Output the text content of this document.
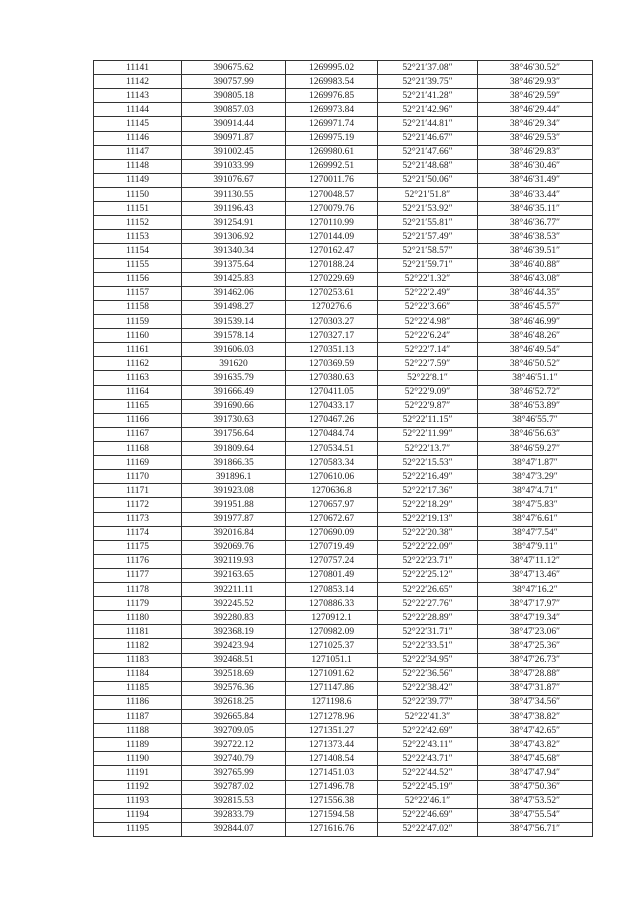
11141	390675.62	1269995.02	52°21′37.08″	38°46′30.52″
11142	390757.99	1269983.54	52°21′39.75″	38°46′29.93″
11143	390805.18	1269976.85	52°21′41.28″	38°46′29.59″
11144	390857.03	1269973.84	52°21′42.96″	38°46′29.44″
11145	390914.44	1269971.74	52°21′44.81″	38°46′29.34″
11146	390971.87	1269975.19	52°21′46.67″	38°46′29.53″
11147	391002.45	1269980.61	52°21′47.66″	38°46′29.83″
11148	391033.99	1269992.51	52°21′48.68″	38°46′30.46″
11149	391076.67	1270011.76	52°21′50.06″	38°46′31.49″
11150	391130.55	1270048.57	52°21′51.8″	38°46′33.44″
11151	391196.43	1270079.76	52°21′53.92″	38°46′35.11″
11152	391254.91	1270110.99	52°21′55.81″	38°46′36.77″
11153	391306.92	1270144.09	52°21′57.49″	38°46′38.53″
11154	391340.34	1270162.47	52°21′58.57″	38°46′39.51″
11155	391375.64	1270188.24	52°21′59.71″	38°46′40.88″
11156	391425.83	1270229.69	52°22′1.32″	38°46′43.08″
11157	391462.06	1270253.61	52°22′2.49″	38°46′44.35″
11158	391498.27	1270276.6	52°22′3.66″	38°46′45.57″
11159	391539.14	1270303.27	52°22′4.98″	38°46′46.99″
11160	391578.14	1270327.17	52°22′6.24″	38°46′48.26″
11161	391606.03	1270351.13	52°22′7.14″	38°46′49.54″
11162	391620	1270369.59	52°22′7.59″	38°46′50.52″
11163	391635.79	1270380.63	52°22′8.1″	38°46′51.1″
11164	391666.49	1270411.05	52°22′9.09″	38°46′52.72″
11165	391690.66	1270433.17	52°22′9.87″	38°46′53.89″
11166	391730.63	1270467.26	52°22′11.15″	38°46′55.7″
11167	391756.64	1270484.74	52°22′11.99″	38°46′56.63″
11168	391809.64	1270534.51	52°22′13.7″	38°46′59.27″
11169	391866.35	1270583.34	52°22′15.53″	38°47′1.87″
11170	391896.1	1270610.06	52°22′16.49″	38°47′3.29″
11171	391923.08	1270636.8	52°22′17.36″	38°47′4.71″
11172	391951.88	1270657.97	52°22′18.29″	38°47′5.83″
11173	391977.87	1270672.67	52°22′19.13″	38°47′6.61″
11174	392016.84	1270690.09	52°22′20.38″	38°47′7.54″
11175	392069.76	1270719.49	52°22′22.09″	38°47′9.11″
11176	392119.93	1270757.24	52°22′23.71″	38°47′11.12″
11177	392163.65	1270801.49	52°22′25.12″	38°47′13.46″
11178	392211.11	1270853.14	52°22′26.65″	38°47′16.2″
11179	392245.52	1270886.33	52°22′27.76″	38°47′17.97″
11180	392280.83	1270912.1	52°22′28.89″	38°47′19.34″
11181	392368.19	1270982.09	52°22′31.71″	38°47′23.06″
11182	392423.94	1271025.37	52°22′33.51″	38°47′25.36″
11183	392468.51	1271051.1	52°22′34.95″	38°47′26.73″
11184	392518.69	1271091.62	52°22′36.56″	38°47′28.88″
11185	392576.36	1271147.86	52°22′38.42″	38°47′31.87″
11186	392618.25	1271198.6	52°22′39.77″	38°47′34.56″
11187	392665.84	1271278.96	52°22′41.3″	38°47′38.82″
11188	392709.05	1271351.27	52°22′42.69″	38°47′42.65″
11189	392722.12	1271373.44	52°22′43.11″	38°47′43.82″
11190	392740.79	1271408.54	52°22′43.71″	38°47′45.68″
11191	392765.99	1271451.03	52°22′44.52″	38°47′47.94″
11192	392787.02	1271496.78	52°22′45.19″	38°47′50.36″
11193	392815.53	1271556.38	52°22′46.1″	38°47′53.52″
11194	392833.79	1271594.58	52°22′46.69″	38°47′55.54″
11195	392844.07	1271616.76	52°22′47.02″	38°47′56.71″
